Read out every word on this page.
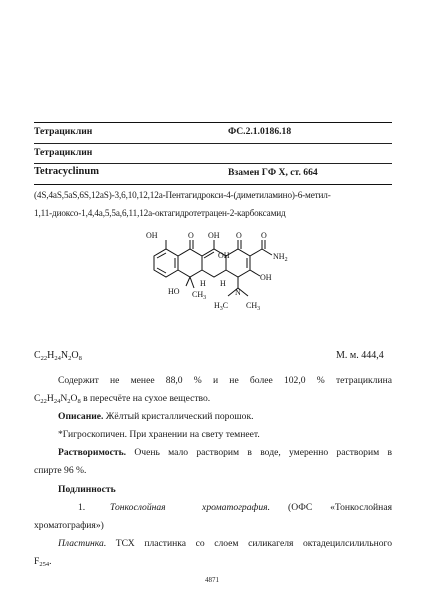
Тетрациклин	ФС.2.1.0186.18
Тетрациклин
Tetracyclinum	Взамен ГФ X, ст. 664
(4S,4aS,5aS,6S,12aS)-3,6,10,12,12a-Пентагидрокси-4-(диметиламино)-6-метил-
1,11-диоксо-1,4,4a,5,5a,6,11,12a-октагидротетрацен-2-карбоксамид
OH	O OH
OH
O O
$NH_2$
OH
HO $CH_3$
H H
N
$H_3C$ $CH_3$
$C_{22}H_{24}N_2O_8$	М. м. 444,4
Содержит не менее 88,0 % и не более 102,0 % тетрациклина
$C_{22}H_{24}N_2O_8$ в пересчёте на сухое вещество.
Описание. Жёлтый кристаллический порошок.
*Гигроскопичен. При хранении на свету темнеет.
Растворимость. Очень мало растворим в воде, умеренно растворим в
спирте 96 %.
Подлинность
1.	Тонкослойная хроматография. (ОФС «Тонкослойная
хроматография»)
Пластинка. ТСХ пластинка со слоем силикагеля октадецилсилильного
$F_{254}$.
4871
